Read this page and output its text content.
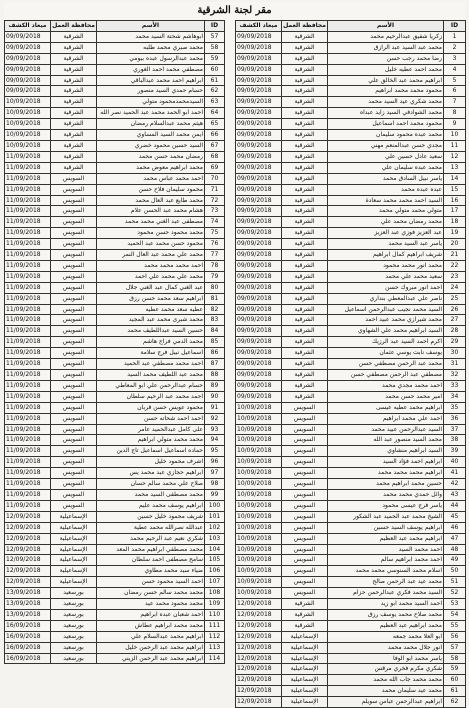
مقر لجنة الشرقية
ميعاد الكشف	محافظة العمل	الأسم	ID
09/09/2018	الشرقية	ابوهاشم شحتة السيد محمد	57
09/09/2018	الشرقية	محمد صبري محمد طلبه	58
09/09/2018	الشرقية	محمد عبدالرسول عبده بيومي	59
09/09/2018	الشرقية	مصطفي محمد احمد الغوري	60
09/09/2018	الشرقية	ابراهيم احمد محمد عبدالباقي	61
09/09/2018	الشرقية	حسام حمدي السيد منصور	62
10/09/2018	الشرقية	السيدمحمدمحمود متولي	63
10/09/2018	الشرقية	احمد ابو الحمد محمد عبد الحميد نصر الله	64
10/09/2018	الشرقية	هيثم محمد عبدالسلام رمضان	65
10/09/2018	الشرقية	ايمن محمد السيد المساوي	66
10/09/2018	الشرقية	السيد حسين محمود خضري	67
11/09/2018	الشرقية	رمضان محمد حسن محمد	68
11/09/2018	الشرقية	محمد ابراهيم معوض محمد	69
11/09/2018	السويس	احمد محمد عباس محمد	70
11/09/2018	السويس	محمود سليمان فلاح حسن	71
11/09/2018	السويس	محمد طايع عبد العال محمد	72
11/09/2018	السويس	هشام محمد عبد الحسن علام	73
11/09/2018	السويس	مصطفى عبد الغني محمد محمد	74
11/09/2018	السويس	محمد محمود حسن محمود	75
11/09/2018	السويس	محمود حسن محمد عبد الحميد	76
11/09/2018	السويس	محمد علي محمد عبد العال النمر	77
11/09/2018	السويس	احمد محمد محمد محمد	78
11/09/2018	السويس	محمد علي محمد علي احمد	79
11/09/2018	السويس	عبد الغني كمال عبد الغني جلال	80
11/09/2018	السويس	ابراهيم سعد محمد حسن رزق	81
11/09/2018	السويس	عطيه سعد محمد عطيه	82
11/09/2018	السويس	محمد شبرى محمد عبد المجيد	83
11/09/2018	السويس	حسين السيد عبداللطيف محمد	84
11/09/2018	السويس	محمد الدمي فراج هاشم	85
11/09/2018	السويس	اسماعيل نبيل فرج سلامة	86
11/09/2018	السويس	احمد محمد مصطفي عبد الحميد	87
11/09/2018	السويس	محمد عبد اللطيف محمد السيد	88
11/09/2018	السويس	حسام عبدالرحمن علي ابو المعاطي	89
11/09/2018	السويس	احمد محمد عبد الرحيم سلطان	90
11/09/2018	السويس	محمود عويس حسن قربان	91
11/09/2018	السويس	احمد احمد شحاته حسن	92
11/09/2018	السويس	على كامل عبدالحميد عامر	93
11/09/2018	السويس	محمد محمد متولي ابراهيم	94
11/09/2018	السويس	حماده اسماعيل اسماعيل تاج الدين	95
11/09/2018	السويس	اشرف محمود خليل	96
11/09/2018	السويس	ابراهيم حجازي عبد محمد يس	97
11/09/2018	السويس	صلاح علي محمد سالم حسان	98
11/09/2018	السويس	محمد مصطفى السيد محمد	99
11/09/2018	السويس	ابراهيم يوسف محمد عليم	100
12/09/2018	الإسماعيلية	شريف محمود خليل حسين	101
12/09/2018	الإسماعيلية	عبدالله نصرالله محمد عطية	102
12/09/2018	الإسماعيلية	شكري نعيم عبد الرحيم محمد	103
12/09/2018	الإسماعيلية	محمد مصطفي ابراهيم محمد المعد	104
12/09/2018	الإسماعيلية	سامح مصطفى احمد سلطان	105
12/09/2018	الإسماعيلية	ضياء سيد محمد مطاوي	106
12/09/2018	الإسماعيلية	احمد السيد محمود حسن	107
13/09/2018	بورسعيد	محمد محمد سالم حسن رمضان	108
13/09/2018	بورسعيد	محمد محمود محمد عيد	109
13/09/2018	بورسعيد	احمد شعبان عبده ابراهيم	110
16/09/2018	بورسعيد	محمد محمد ابراهيم عطاش	111
16/09/2018	بورسعيد	ابراهيم محمد عبدالسلام علي	112
16/09/2018	بورسعيد	ابراهيم محمد عبد الرحمن خليل	113
16/09/2018	بورسعيد	ابراهيم محمد عبد الرحمن الزيني	114
ميعاد الكشف	محافظة العمل	الأسم	ID
09/09/2018	الشرقية	زكريا شفيق عبدالرحيم محمد	1
09/09/2018	الشرقية	محمد عبد السيد عبد الرازق	2
09/09/2018	الشرقية	رضا محمد رجب حسن	3
09/09/2018	الشرقية	محمد احمد عطيه خليل	4
09/09/2018	الشرقية	ابراهيم محمد عبد الخالق علي	5
09/09/2018	الشرقية	محمود محمد محمد ابراهيم	6
09/09/2018	الشرقية	محمد شكري عيد السيد محمد	7
09/09/2018	الشرقية	محمد الشوادفي السيد زايد عبداه	8
09/09/2018	الشرقية	محمود محمد احمد اسماعيل	9
09/09/2018	الشرقية	محمد عبده محمود سليمان	10
09/09/2018	الشرقية	مجدي حسن عبدالمنعم مهني	11
09/09/2018	الشرقية	سعيد عادل حسين علي	12
09/09/2018	الشرقية	محمد عبده سليمان علي	13
09/09/2018	الشرقية	ياسر نبيل السادق محمد	14
09/09/2018	الشرقية	عبده عبده محمد	15
09/09/2018	الشرقية	السيد احمد محمد محمد سعادة	16
09/09/2018	الشرقية	متولي محمد متولي محمد	17
09/09/2018	الشرقية	محمد رمضان محمد علي	18
09/09/2018	الشرقية	عبد العزيز فوزي عبد العزيز	19
09/09/2018	الشرقية	ياسر عبد السيد محمد	20
09/09/2018	الشرقية	شريف ابراهيم كمال ابراهيم	21
09/09/2018	الشرقية	محمد انور محمد محمود	22
09/09/2018	الشرقية	سعيد محمد علي محمد	23
09/09/2018	الشرقية	احمد انور مبروك حسن	24
09/09/2018	الشرقية	ناصر علي عبدالمعطي بنداري	25
09/09/2018	الشرقية	السيد محمد نجيب عبدالرحمن اسماعيل	26
09/09/2018	الشرقية	محمد شيرازي محمد عبيد احمد	27
09/09/2018	الشرقية	السيد ابراهيم محمد علي الشهاوي	28
09/09/2018	الشرقية	اكرم احمد السيد عبد الرزيك	29
09/09/2018	الشرقية	يوسف نابت يوسي عثمان	30
09/09/2018	الشرقية	محمد عبد الرحمن مصطفي حسن	31
09/09/2018	الشرقية	مصطفي عبد الرحمن مصطفي حسن	32
09/09/2018	الشرقية	احمد محمد مجدي محمد	33
09/09/2018	الشرقية	امير محمد حسن محمد	34
10/09/2018	السويس	ابراهيم محمد عطيه عيسى	35
10/09/2018	السويس	احمد علي محمد ابراهيم	36
10/09/2018	السويس	السيد عبدالرحمن عبيد محمد	37
10/09/2018	السويس	محمد السيد منصور عبد الله	38
10/09/2018	السويس	السيد ابراهيم منشاوي	39
10/09/2018	السويس	ابراهيم احمد فؤاد السيد	40
10/09/2018	السويس	ابراهيم محمد محمد محمد	41
10/09/2018	السويس	حسين محمد ابراهيم محمد	42
10/09/2018	السويس	وائل حمدي محمد محمد	43
10/09/2018	السويس	ياسر فرج عيسى محمود	44
10/09/2018	السويس	الشيخ محمد عبد الحميد عبد الشكور	45
10/09/2018	السويس	ابراهيم يوسف السيد حسين	46
10/09/2018	السويس	ابراهيم محمد عبد العظيم	47
10/09/2018	السويس	احمد محمد السيد	48
10/09/2018	السويس	احمد محمد ابراهيم سالم	49
10/09/2018	السويس	اسلام محمد السنوسي محمد محمد	50
10/09/2018	السويس	محمد عيد عبد الرحمن صالح	51
10/09/2018	السويس	السيد محمد فكري عبدالرحمن حزام	52
12/09/2018	الشرقية	احمد السيد محمد ابو زيد	53
12/09/2018	الشرقية	محمد صلاح محمد يوسف رزق	54
12/09/2018	الشرقية	محمد ابراهيم عبد العظيم	55
12/09/2018	الإسماعيلية	ابو العلا محمد جمعه	56
12/09/2018	الإسماعيلية	انور جلال محمد محمد	57
12/09/2018	الإسماعيلية	ياسر محمد ابو الوفا	58
12/09/2018	الإسماعيلية	شكري مكرم فخري مرقس	59
12/09/2018	الإسماعيلية	محمد محمد جاب الله محمد	60
12/09/2018	الإسماعيلية	محمد عيد سليمان محمد	61
12/09/2018	الإسماعيلية	ابراهيم عبدالرحمن عباس سويلم	62
